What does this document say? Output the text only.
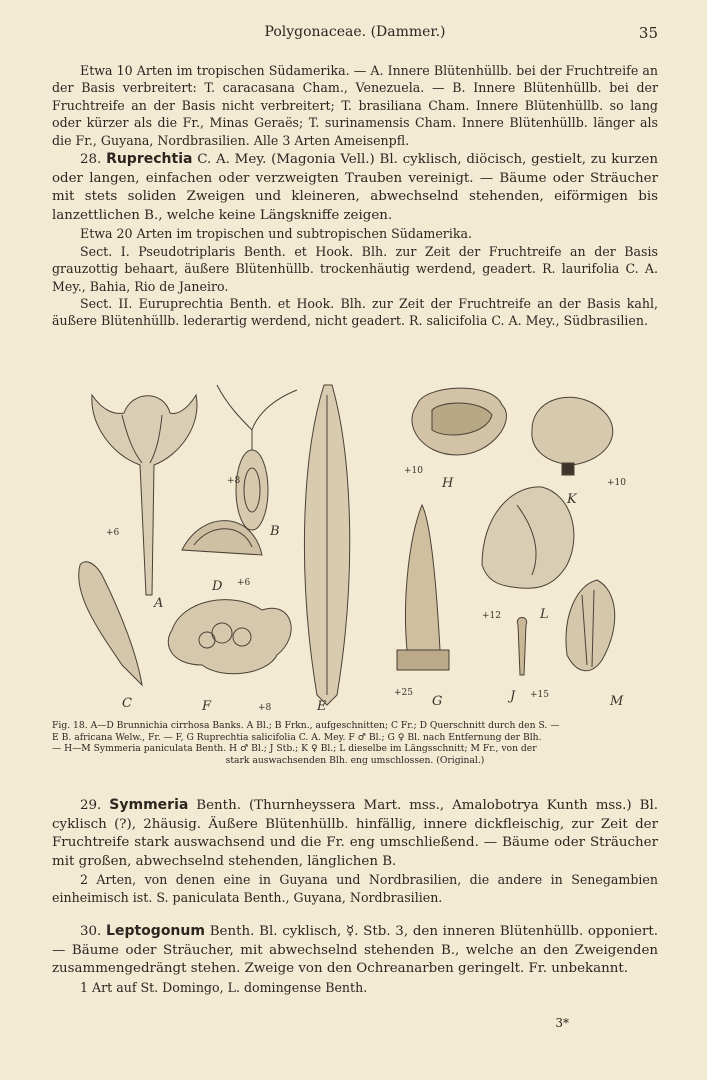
Polygonaceae. (Dammer.)	35

Etwa 10 Arten im tropischen Südamerika. — A. Innere Blütenhüllb. bei der Fruchtreife an der Basis verbreitert: T. caracasana Cham., Venezuela. — B. Innere Blütenhüllb. bei der Fruchtreife an der Basis nicht verbreitert; T. brasiliana Cham. Innere Blütenhüllb. so lang oder kürzer als die Fr., Minas Geraës; T. surinamensis Cham. Innere Blütenhüllb. länger als die Fr., Guyana, Nordbrasilien. Alle 3 Arten Ameisenpfl.

28. Ruprechtia C. A. Mey. (Magonia Vell.) Bl. cyklisch, diöcisch, gestielt, zu kurzen oder langen, einfachen oder verzweigten Trauben vereinigt. — Bäume oder Sträucher mit stets soliden Zweigen und kleineren, abwechselnd stehenden, eiförmigen bis lanzettlichen B., welche keine Längskniffe zeigen.

Etwa 20 Arten im tropischen und subtropischen Südamerika.

Sect. I. Pseudotriplaris Benth. et Hook. Blh. zur Zeit der Fruchtreife an der Basis grauzottig behaart, äußere Blütenhüllb. trockenhäutig werdend, geadert. R. laurifolia C. A. Mey., Bahia, Rio de Janeiro.

Sect. II. Euruprechtia Benth. et Hook. Blh. zur Zeit der Fruchtreife an der Basis kahl, äußere Blütenhüllb. lederartig werdend, nicht geadert. R. salicifolia C. A. Mey., Südbrasilien.

A
B
C
D
E
F	G
H
J
K
L
M
+6
+8
+6
+8
+10
+10
+25
+12
+15
Fig. 18. A—D Brunnichia cirrhosa Banks. A Bl.; B Frkn., aufgeschnitten; C Fr.; D Querschnitt durch den S. —
E B. africana Welw., Fr. — F, G Ruprechtia salicifolia C. A. Mey. F ♂ Bl.; G ♀ Bl. nach Entfernung der Blh.
— H—M Symmeria paniculata Benth. H ♂ Bl.; J Stb.; K ♀ Bl.; L dieselbe im Längsschnitt; M Fr., von der
stark auswachsenden Blh. eng umschlossen. (Original.)

29. Symmeria Benth. (Thurnheyssera Mart. mss., Amalobotrya Kunth mss.) Bl. cyklisch (?), 2häusig. Äußere Blütenhüllb. hinfällig, innere dickfleischig, zur Zeit der Fruchtreife stark auswachsend und die Fr. eng umschließend. — Bäume oder Sträucher mit großen, abwechselnd stehenden, länglichen B.

2 Arten, von denen eine in Guyana und Nordbrasilien, die andere in Senegambien einheimisch ist. S. paniculata Benth., Guyana, Nordbrasilien.

30. Leptogonum Benth. Bl. cyklisch, ☿. Stb. 3, den inneren Blütenhüllb. opponiert. — Bäume oder Sträucher, mit abwechselnd stehenden B., welche an den Zweigenden zusammengedrängt stehen. Zweige von den Ochreanarben geringelt. Fr. unbekannt.

1 Art auf St. Domingo, L. domingense Benth.

3*
